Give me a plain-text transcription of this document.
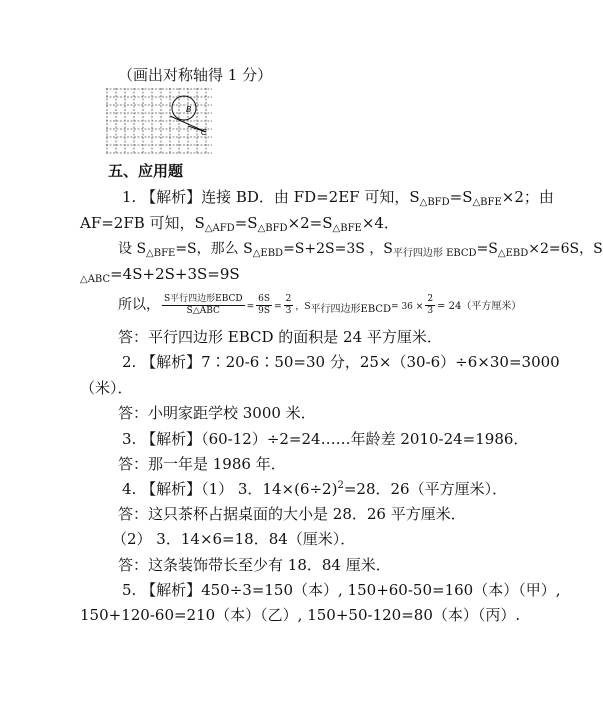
（画出对称轴得 1 分）
B
C
五、应用题
1. 【解析】连接 BD．由 FD=2EF 可知，$S_{\triangle BFD}=S_{\triangle BFE}\times 2$；由
AF=2FB 可知，$S_{\triangle AFD}=S_{\triangle BFD}\times 2=S_{\triangle BFE}\times 4$．
设 $S_{\triangle BFE}=S$，那么 $S_{\triangle EBD}=S+2S=3S$ ，$S_{平行四边形 EBCD}=S_{\triangle EBD}\times 2=6S$，S
$_{\triangle ABC}$=4S+2S+3S=9S
所以， $\frac{\text{S平行四边形EBCD}}{\text{S△ABC}} = \frac{6S}{9S} = \frac{2}{3}$ ，$S_{平行四边形EBCD}= 36 \times \frac{2}{3} = 24$（平方厘米）
答：平行四边形 EBCD 的面积是 24 平方厘米．
2. 【解析】7∶20-6∶50=30 分，25×（30-6）÷6×30=3000
（米）．
答：小明家距学校 3000 米．
3. 【解析】（60-12）÷2=24……年龄差 2010-24=1986．
答：那一年是 1986 年．
4. 【解析】（1） 3．$14\times(6\div 2)^2=28$．26（平方厘米）．
答：这只茶杯占据桌面的大小是 28．26 平方厘米．
（2） 3．14×6=18．84（厘米）．
答：这条装饰带长至少有 18．84 厘米．
5. 【解析】450÷3=150（本）, 150+60-50=160（本）（甲）,
150+120-60=210（本）（乙）, 150+50-120=80（本）（丙）.
